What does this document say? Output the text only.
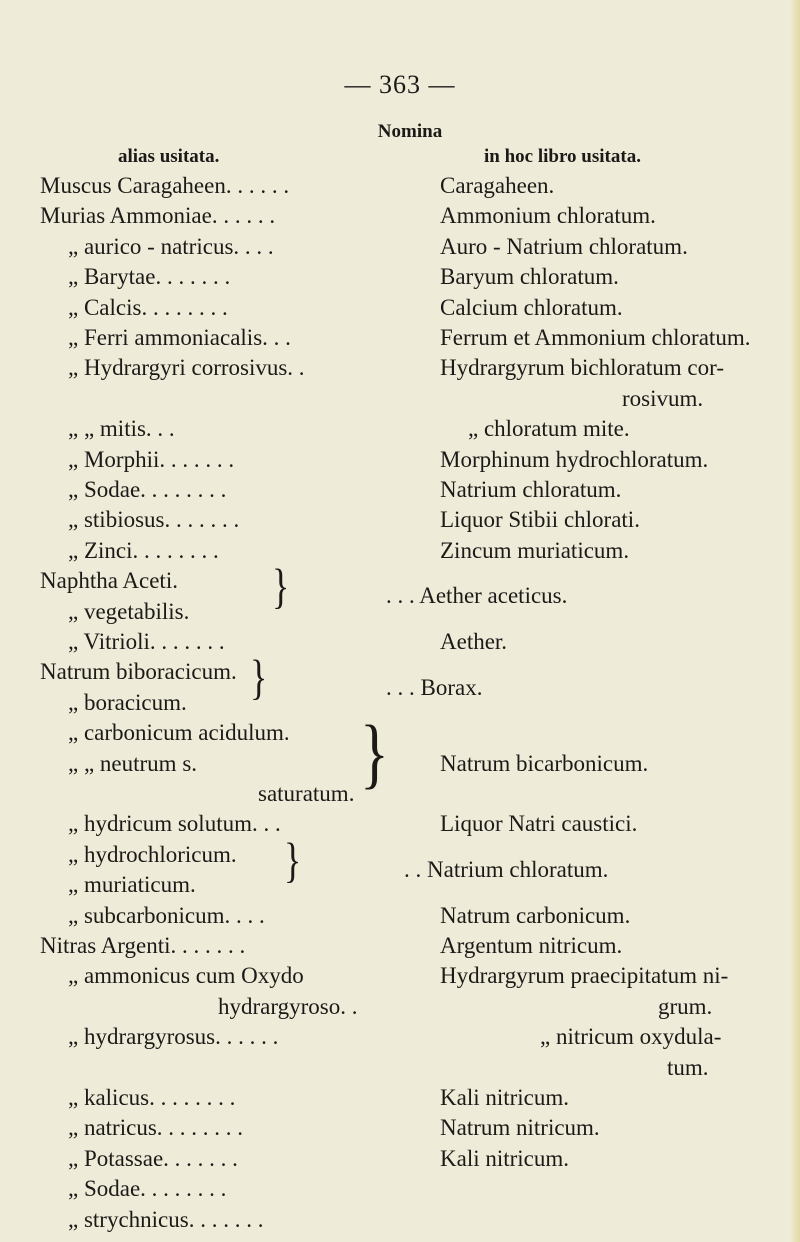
— 363 —
Nomina
alias usitata.	in hoc libro usitata.
Muscus Caragaheen. . . . . .
Murias Ammoniae. . . . . .
„ aurico - natricus. . . .
„ Barytae. . . . . . .
„ Calcis. . . . . . . .
„ Ferri ammoniacalis. . .
„ Hydrargyri corrosivus. .
„ „ mitis. . .
„ Morphii. . . . . . .
„ Sodae. . . . . . . .
„ stibiosus. . . . . . .
„ Zinci. . . . . . . .
Naphtha Aceti.
„ vegetabilis.
„ Vitrioli. . . . . . .
Natrum biboracicum.
„ boracicum.
„ carbonicum acidulum.
„ „ neutrum s.
saturatum.
„ hydricum solutum. . .
„ hydrochloricum.
„ muriaticum.
„ subcarbonicum. . . .
Nitras Argenti. . . . . . .
„ ammonicus cum Oxydo
hydrargyroso. .
„ hydrargyrosus. . . . . .
„ kalicus. . . . . . . .
„ natricus. . . . . . . .
„ Potassae. . . . . . .
„ Sodae. . . . . . . .
„ strychnicus. . . . . . .
}
}
}
}
Caragaheen.
Ammonium chloratum.
Auro - Natrium chloratum.
Baryum chloratum.
Calcium chloratum.
Ferrum et Ammonium chloratum.
Hydrargyrum bichloratum cor-
rosivum.
„ chloratum mite.
Morphinum hydrochloratum.
Natrium chloratum.
Liquor Stibii chlorati.
Zincum muriaticum.
. . . Aether aceticus.
Aether.
. . . Borax.
Natrum bicarbonicum.
Liquor Natri caustici.
. . Natrium chloratum.
Natrum carbonicum.
Argentum nitricum.
Hydrargyrum praecipitatum ni-
grum.
„ nitricum oxydula-
tum.
Kali nitricum.
Natrum nitricum.
Kali nitricum.
